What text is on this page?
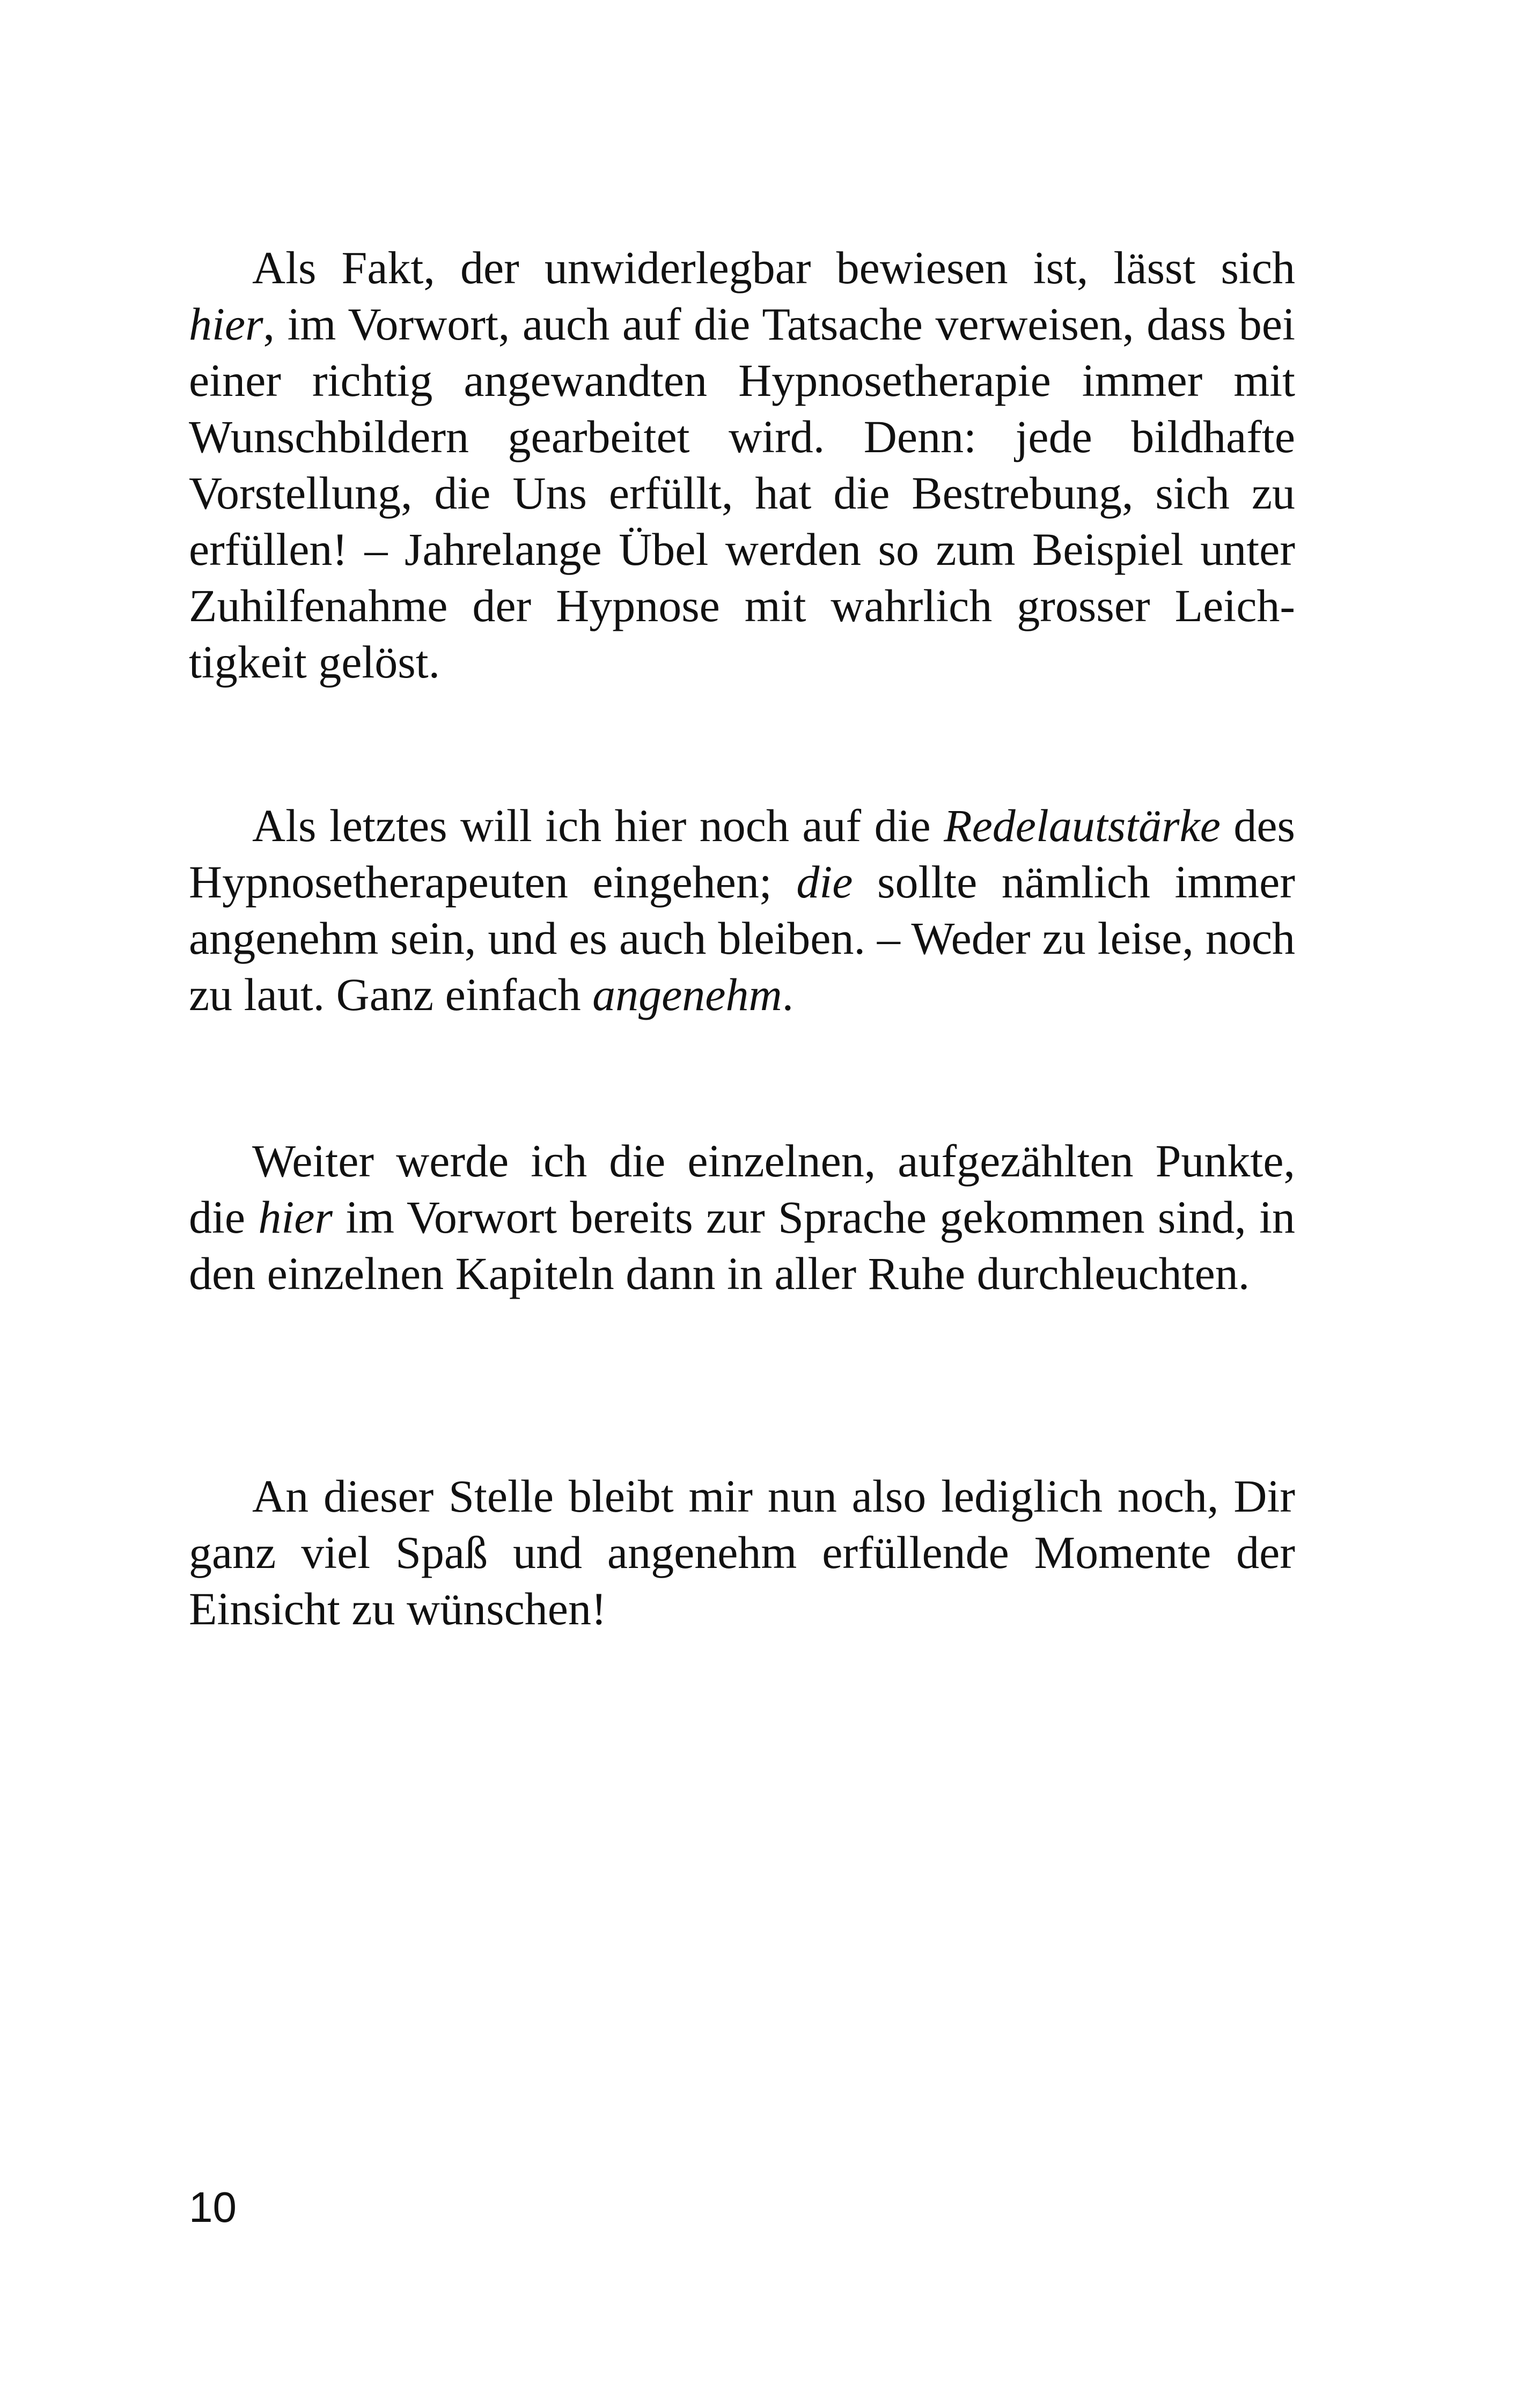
Als Fakt, der unwiderlegbar bewiesen ist, lässt sich hier, im Vorwort, auch auf die Tatsache verweisen, dass bei einer richtig angewandten Hypnosetherapie immer mit Wunschbildern gearbeitet wird. Denn: jede bildhafte Vorstellung, die Uns erfüllt, hat die Bestrebung, sich zu erfüllen! – Jahrelange Übel werden so zum Beispiel unter Zuhilfenahme der Hypnose mit wahrlich grosser Leichtigkeit gelöst.

Als letztes will ich hier noch auf die Redelautstärke des Hypnosetherapeuten eingehen; die sollte nämlich immer angenehm sein, und es auch bleiben. – Weder zu leise, noch zu laut. Ganz einfach angenehm.

Weiter werde ich die einzelnen, aufgezählten Punkte, die hier im Vorwort bereits zur Sprache gekommen sind, in den einzelnen Kapiteln dann in aller Ruhe durchleuchten.

An dieser Stelle bleibt mir nun also lediglich noch, Dir ganz viel Spaß und angenehm erfüllende Momente der Einsicht zu wünschen!

10
